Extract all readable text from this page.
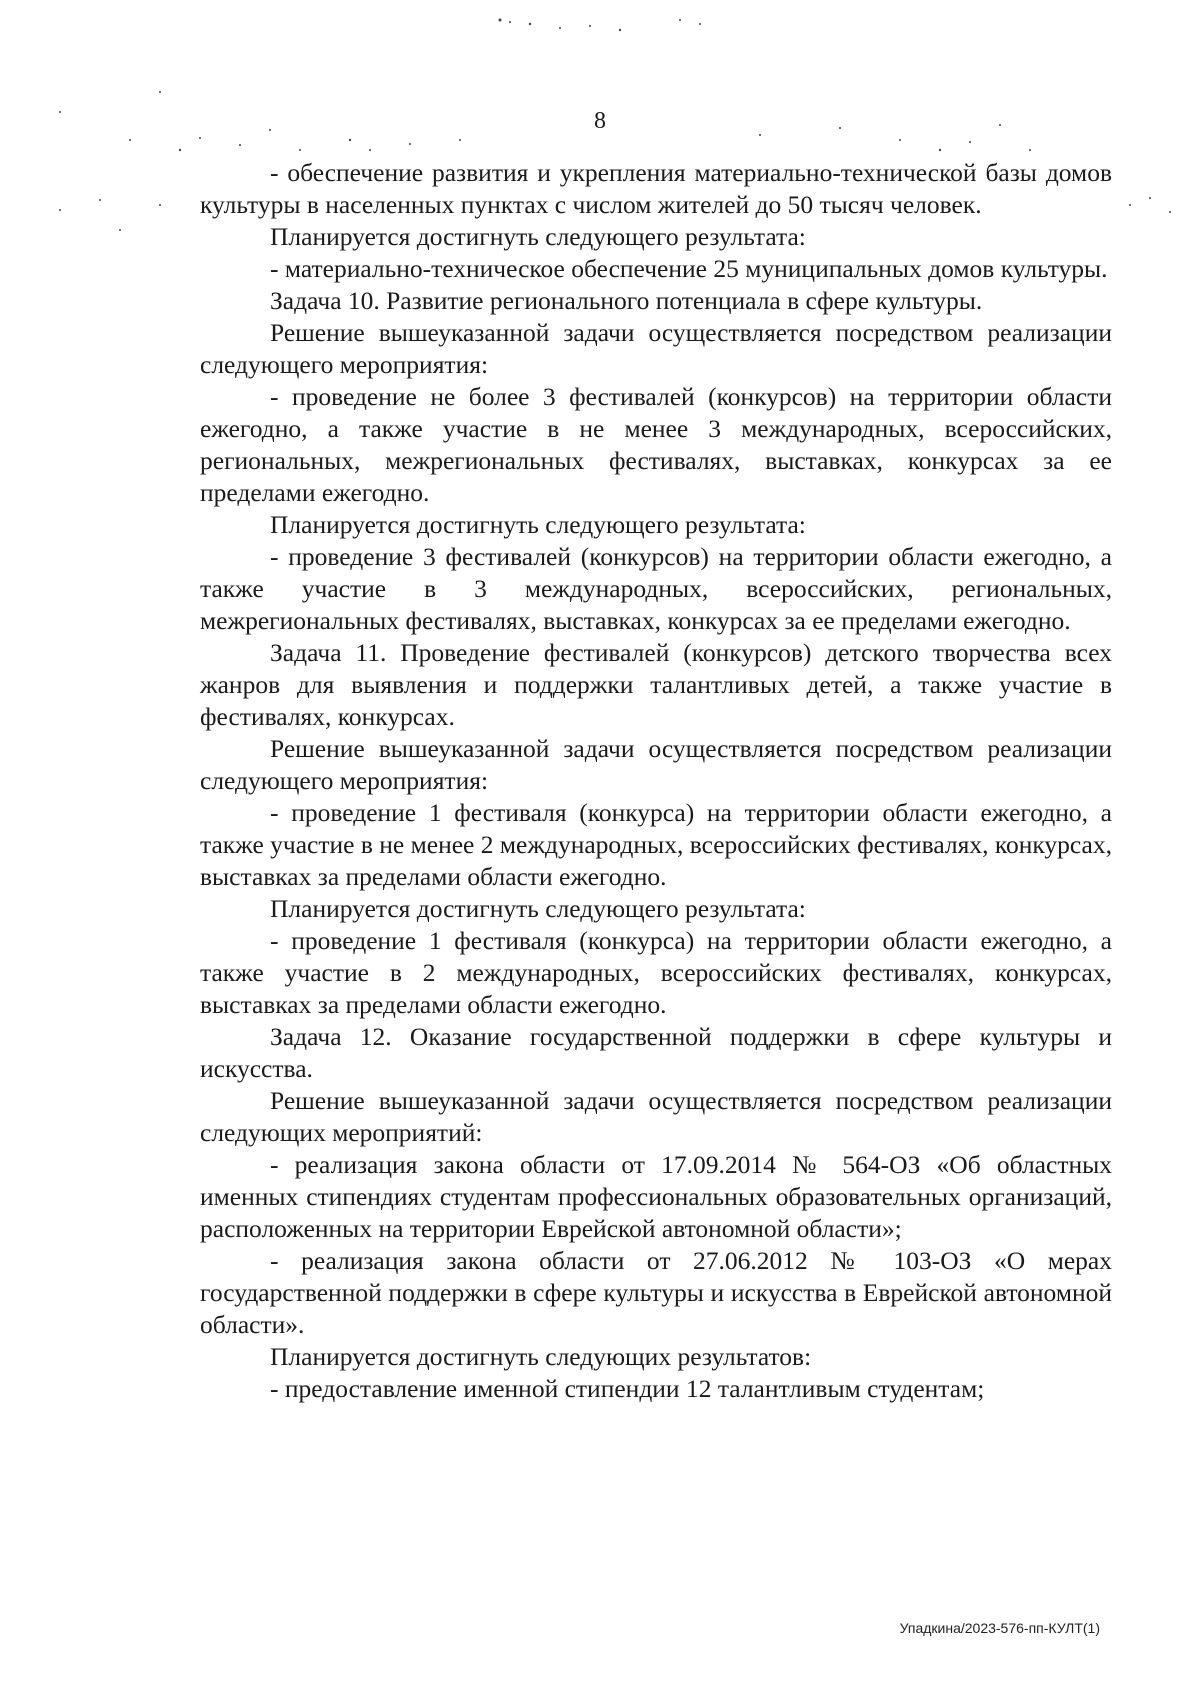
8

- обеспечение развития и укрепления материально-технической базы домов культуры в населенных пунктах с числом жителей до 50 тысяч человек.

Планируется достигнуть следующего результата:

- материально-техническое обеспечение 25 муниципальных домов культуры.

Задача 10. Развитие регионального потенциала в сфере культуры.

Решение вышеуказанной задачи осуществляется посредством реализации следующего мероприятия:

- проведение не более 3 фестивалей (конкурсов) на территории области ежегодно, а также участие в не менее 3 международных, всероссийских, региональных, межрегиональных фестивалях, выставках, конкурсах за ее пределами ежегодно.

Планируется достигнуть следующего результата:

- проведение 3 фестивалей (конкурсов) на территории области ежегодно, а также участие в 3 международных, всероссийских, региональных, межрегиональных фестивалях, выставках, конкурсах за ее пределами ежегодно.

Задача 11. Проведение фестивалей (конкурсов) детского творчества всех жанров для выявления и поддержки талантливых детей, а также участие в фестивалях, конкурсах.

Решение вышеуказанной задачи осуществляется посредством реализации следующего мероприятия:

- проведение 1 фестиваля (конкурса) на территории области ежегодно, а также участие в не менее 2 международных, всероссийских фестивалях, конкурсах, выставках за пределами области ежегодно.

Планируется достигнуть следующего результата:

- проведение 1 фестиваля (конкурса) на территории области ежегодно, а также участие в 2 международных, всероссийских фестивалях, конкурсах, выставках за пределами области ежегодно.

Задача 12. Оказание государственной поддержки в сфере культуры и искусства.

Решение вышеуказанной задачи осуществляется посредством реализации следующих мероприятий:

- реализация закона области от 17.09.2014 № 564-ОЗ «Об областных именных стипендиях студентам профессиональных образовательных организаций, расположенных на территории Еврейской автономной области»;

- реализация закона области от 27.06.2012 № 103-ОЗ «О мерах государственной поддержки в сфере культуры и искусства в Еврейской автономной области».

Планируется достигнуть следующих результатов:

- предоставление именной стипендии 12 талантливым студентам;

Упадкина/2023-576-пп-КУЛТ(1)
